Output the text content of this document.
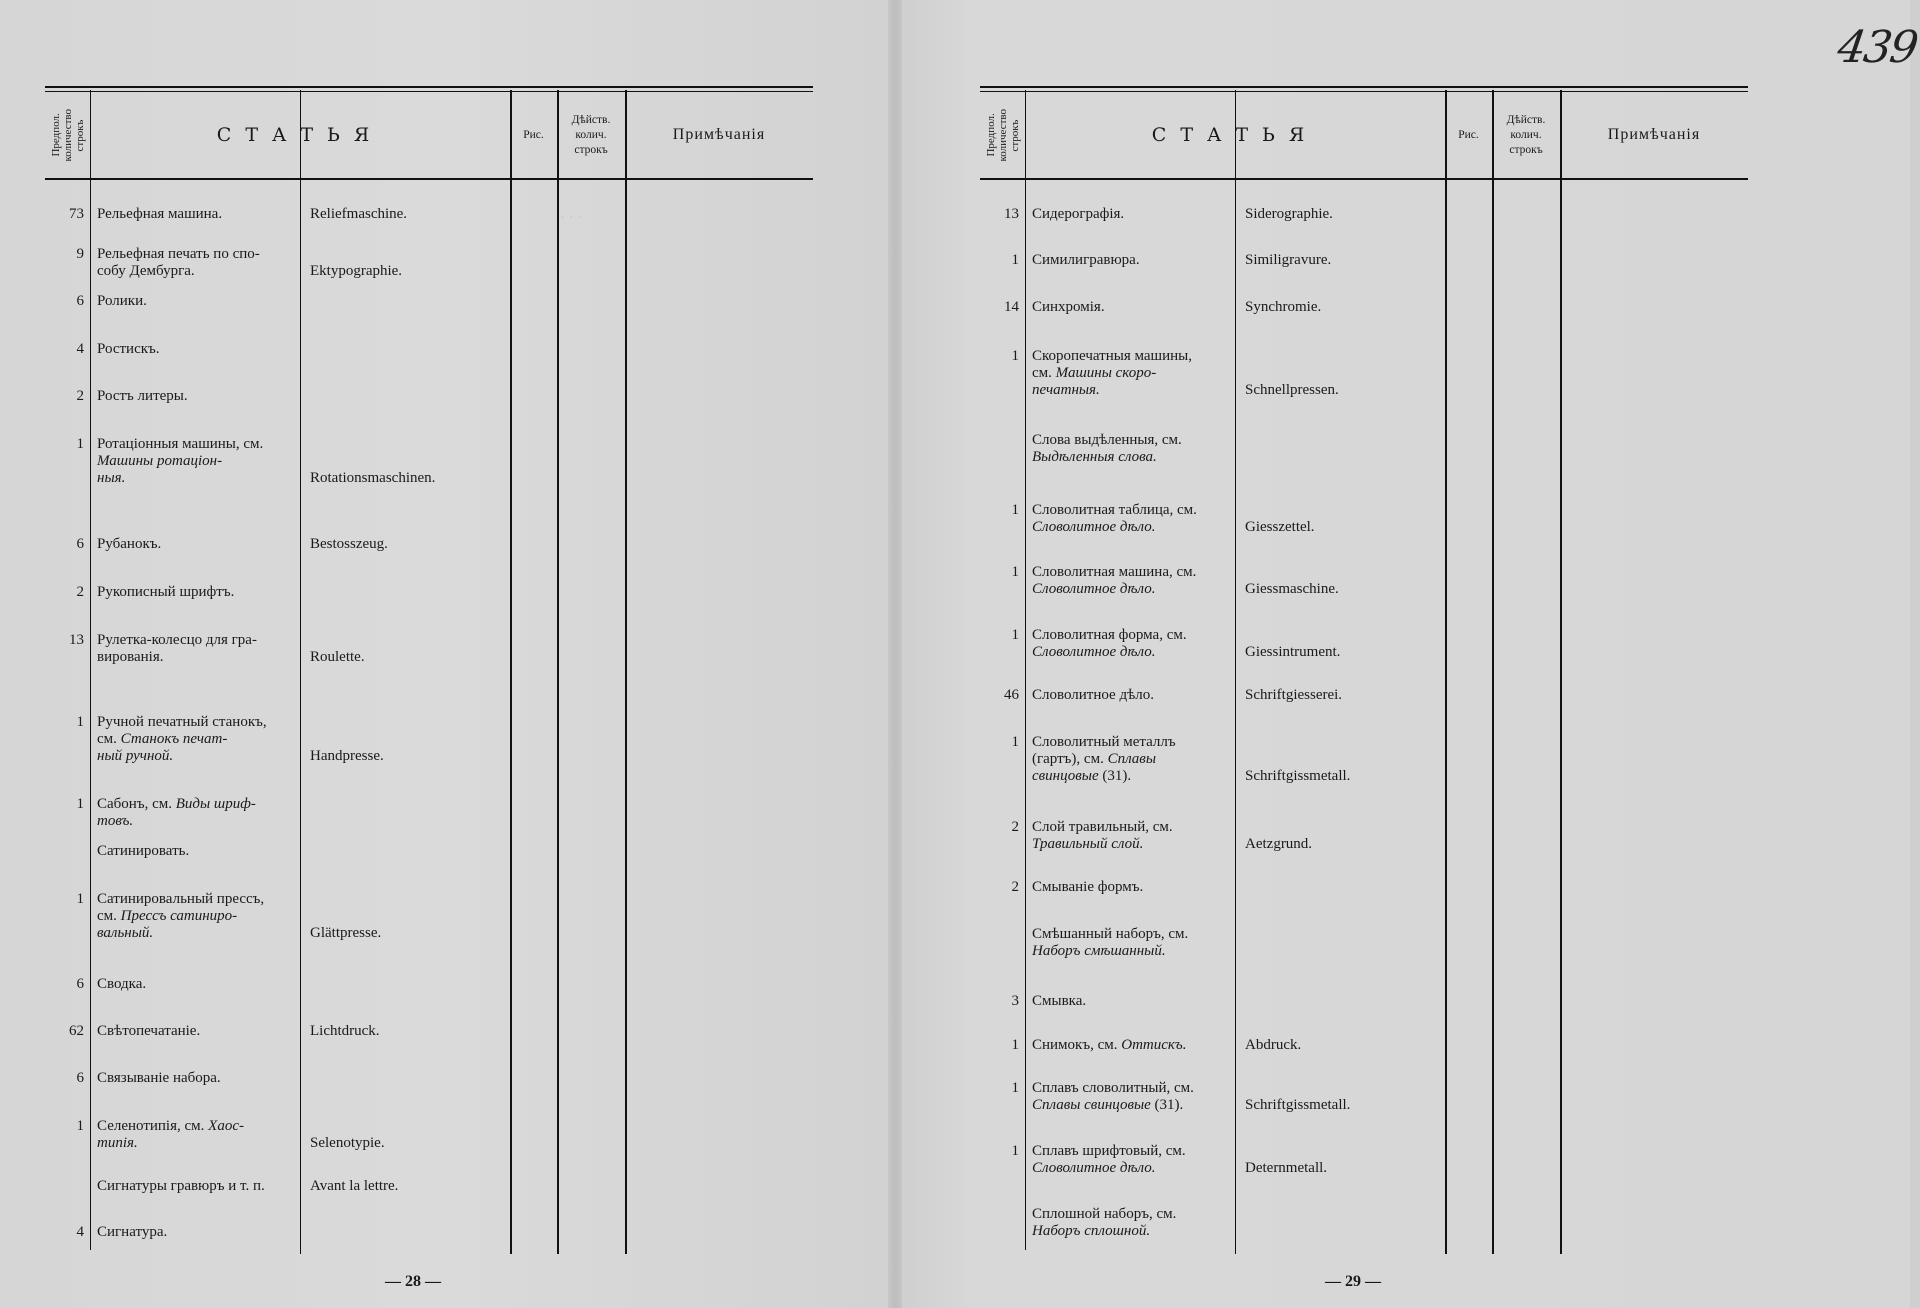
· · ·
439
— 28 —	— 29 —
Предпол.
количество
строкъ	СТАТЬЯ	Рис.
Дѣйств.
колич.
строкъ
Примѣчанія
73 Рельефная машина.	Reliefmaschine.
9 Рельефная печать по спо-
собу Дембурга.	Ektypographie.
6 Ролики.
4 Ростискъ.
2 Ростъ литеры.
1 Ротаціонныя машины, см.
Машины ротаціон-
ныя.	Rotationsmaschinen.
6 Рубанокъ.	Bestosszeug.
2 Рукописный шрифтъ.
13 Рулетка-колесцо для гра-
вированія.	Roulette.
1 Ручной печатный станокъ,
см. Станокъ печат-
ный ручной.	Handpresse.
1 Сабонъ, см. Виды шриф-
товъ.
Сатинировать.
1 Сатинировальный прессъ,
см. Прессъ сатиниро-
вальный.	Glättpresse.
6 Сводка.
62 Свѣтопечатаніе.	Lichtdruck.
6 Связываніе набора.
1 Селенотипія, см. Хаос-
типія.	Selenotypie.
Сигнатуры гравюръ и т. п.	Avant la lettre.
4 Сигнатура.
Предпол.
количество
строкъ	СТАТЬЯ	Рис.
Дѣйств.
колич.
строкъ
Примѣчанія
13 Сидерографія.	Siderographie.
1 Симилигравюра.	Similigravure.
14 Синхромія.	Synchromie.
1 Скоропечатныя машины,
см. Машины скоро-
печатныя.	Schnellpressen.
Слова выдѣленныя, см.
Выдѣленныя слова.
1 Словолитная таблица, см.
Словолитное дѣло.	Giesszettel.
1 Словолитная машина, см.
Словолитное дѣло.	Giessmaschine.
1 Словолитная форма, см.
Словолитное дѣло.	Giessintrument.
46 Словолитное дѣло.	Schriftgiesserei.
1 Словолитный металлъ
(гартъ), см. Сплавы
свинцовые (31).	Schriftgissmetall.
2 Слой травильный, см.
Травильный слой.	Aetzgrund.
2 Смываніе формъ.
Смѣшанный наборъ, см.
Наборъ смѣшанный.
3 Смывка.
1 Снимокъ, см. Оттискъ.	Abdruck.
1 Сплавъ словолитный, см.
Сплавы свинцовые (31).	Schriftgissmetall.
1 Сплавъ шрифтовый, см.
Словолитное дѣло.	Deternmetall.
Сплошной наборъ, см.
Наборъ сплошной.
